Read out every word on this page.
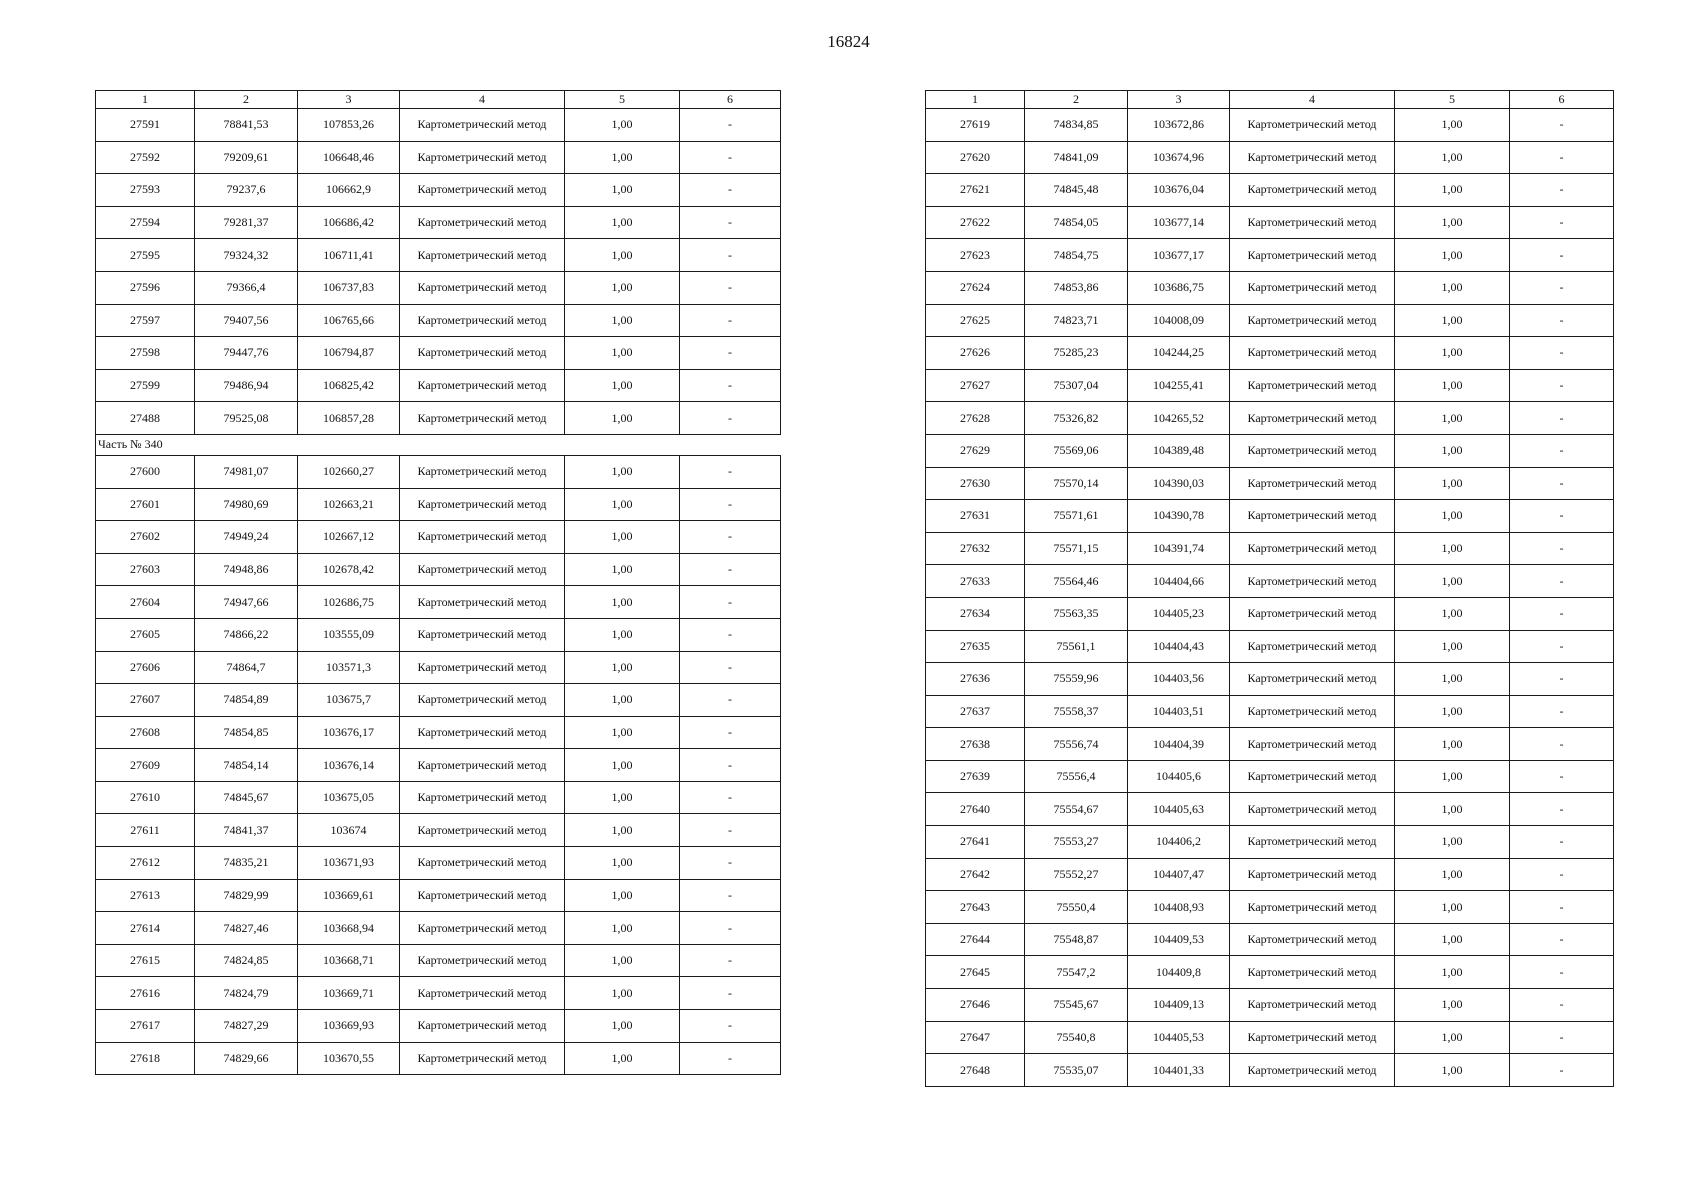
16824
1	2	3	4	5	6
27591	78841,53	107853,26	Картометрический метод	1,00	-
27592	79209,61	106648,46	Картометрический метод	1,00	-
27593	79237,6	106662,9	Картометрический метод	1,00	-
27594	79281,37	106686,42	Картометрический метод	1,00	-
27595	79324,32	106711,41	Картометрический метод	1,00	-
27596	79366,4	106737,83	Картометрический метод	1,00	-
27597	79407,56	106765,66	Картометрический метод	1,00	-
27598	79447,76	106794,87	Картометрический метод	1,00	-
27599	79486,94	106825,42	Картометрический метод	1,00	-
27488	79525,08	106857,28	Картометрический метод	1,00	-
Часть № 340					
27600	74981,07	102660,27	Картометрический метод	1,00	-
27601	74980,69	102663,21	Картометрический метод	1,00	-
27602	74949,24	102667,12	Картометрический метод	1,00	-
27603	74948,86	102678,42	Картометрический метод	1,00	-
27604	74947,66	102686,75	Картометрический метод	1,00	-
27605	74866,22	103555,09	Картометрический метод	1,00	-
27606	74864,7	103571,3	Картометрический метод	1,00	-
27607	74854,89	103675,7	Картометрический метод	1,00	-
27608	74854,85	103676,17	Картометрический метод	1,00	-
27609	74854,14	103676,14	Картометрический метод	1,00	-
27610	74845,67	103675,05	Картометрический метод	1,00	-
27611	74841,37	103674	Картометрический метод	1,00	-
27612	74835,21	103671,93	Картометрический метод	1,00	-
27613	74829,99	103669,61	Картометрический метод	1,00	-
27614	74827,46	103668,94	Картометрический метод	1,00	-
27615	74824,85	103668,71	Картометрический метод	1,00	-
27616	74824,79	103669,71	Картометрический метод	1,00	-
27617	74827,29	103669,93	Картометрический метод	1,00	-
27618	74829,66	103670,55	Картометрический метод	1,00	-
1	2	3	4	5	6
27619	74834,85	103672,86	Картометрический метод	1,00	-
27620	74841,09	103674,96	Картометрический метод	1,00	-
27621	74845,48	103676,04	Картометрический метод	1,00	-
27622	74854,05	103677,14	Картометрический метод	1,00	-
27623	74854,75	103677,17	Картометрический метод	1,00	-
27624	74853,86	103686,75	Картометрический метод	1,00	-
27625	74823,71	104008,09	Картометрический метод	1,00	-
27626	75285,23	104244,25	Картометрический метод	1,00	-
27627	75307,04	104255,41	Картометрический метод	1,00	-
27628	75326,82	104265,52	Картометрический метод	1,00	-
27629	75569,06	104389,48	Картометрический метод	1,00	-
27630	75570,14	104390,03	Картометрический метод	1,00	-
27631	75571,61	104390,78	Картометрический метод	1,00	-
27632	75571,15	104391,74	Картометрический метод	1,00	-
27633	75564,46	104404,66	Картометрический метод	1,00	-
27634	75563,35	104405,23	Картометрический метод	1,00	-
27635	75561,1	104404,43	Картометрический метод	1,00	-
27636	75559,96	104403,56	Картометрический метод	1,00	-
27637	75558,37	104403,51	Картометрический метод	1,00	-
27638	75556,74	104404,39	Картометрический метод	1,00	-
27639	75556,4	104405,6	Картометрический метод	1,00	-
27640	75554,67	104405,63	Картометрический метод	1,00	-
27641	75553,27	104406,2	Картометрический метод	1,00	-
27642	75552,27	104407,47	Картометрический метод	1,00	-
27643	75550,4	104408,93	Картометрический метод	1,00	-
27644	75548,87	104409,53	Картометрический метод	1,00	-
27645	75547,2	104409,8	Картометрический метод	1,00	-
27646	75545,67	104409,13	Картометрический метод	1,00	-
27647	75540,8	104405,53	Картометрический метод	1,00	-
27648	75535,07	104401,33	Картометрический метод	1,00	-
